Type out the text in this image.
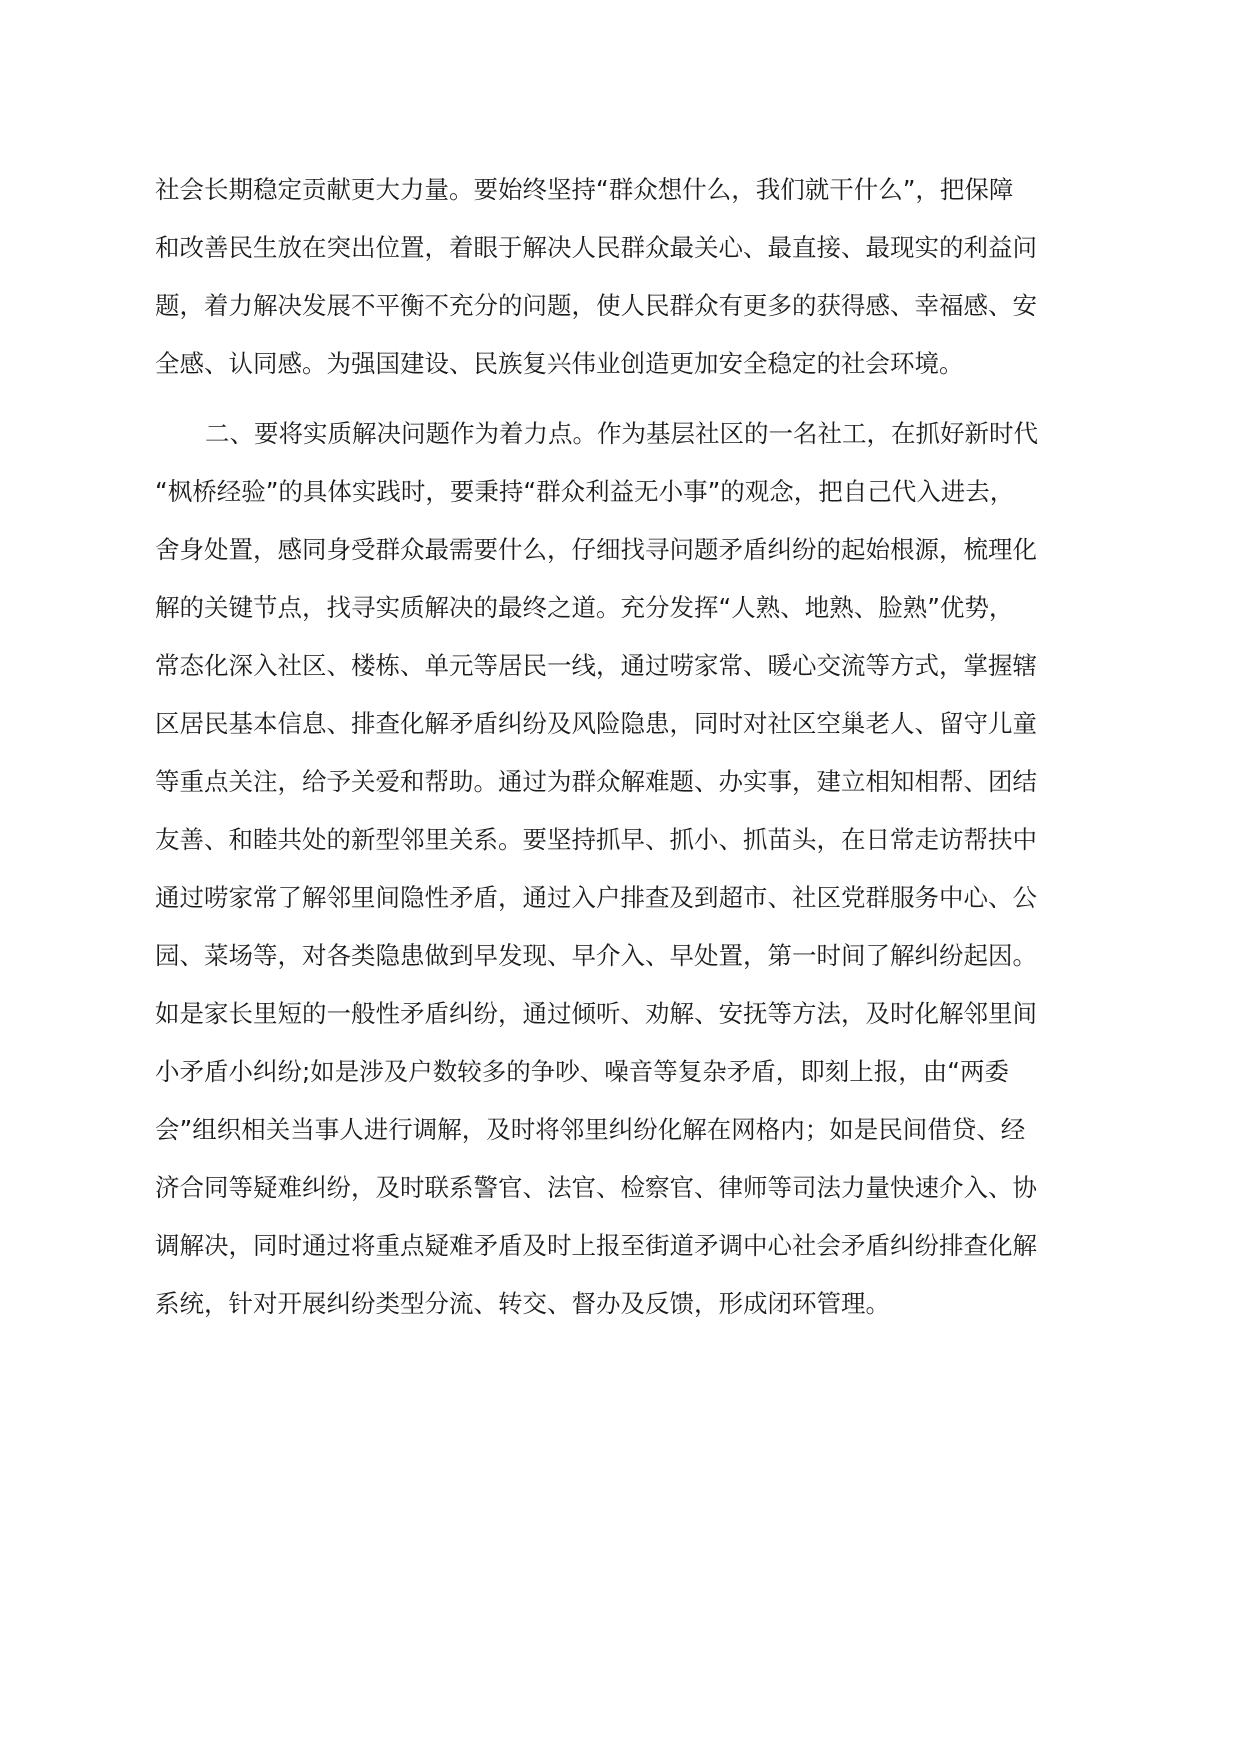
社会长期稳定贡献更大力量。要始终坚持“群众想什么，我们就干什么”，把保障
和改善民生放在突出位置，着眼于解决人民群众最关心、最直接、最现实的利益问
题，着力解决发展不平衡不充分的问题，使人民群众有更多的获得感、幸福感、安
全感、认同感。为强国建设、民族复兴伟业创造更加安全稳定的社会环境。
二、要将实质解决问题作为着力点。作为基层社区的一名社工，在抓好新时代
“枫桥经验”的具体实践时，要秉持“群众利益无小事”的观念，把自己代入进去，
舍身处置，感同身受群众最需要什么，仔细找寻问题矛盾纠纷的起始根源，梳理化
解的关键节点，找寻实质解决的最终之道。充分发挥“人熟、地熟、脸熟”优势，
常态化深入社区、楼栋、单元等居民一线，通过唠家常、暖心交流等方式，掌握辖
区居民基本信息、排查化解矛盾纠纷及风险隐患，同时对社区空巢老人、留守儿童
等重点关注，给予关爱和帮助。通过为群众解难题、办实事，建立相知相帮、团结
友善、和睦共处的新型邻里关系。要坚持抓早、抓小、抓苗头，在日常走访帮扶中
通过唠家常了解邻里间隐性矛盾，通过入户排查及到超市、社区党群服务中心、公
园、菜场等，对各类隐患做到早发现、早介入、早处置，第一时间了解纠纷起因。
如是家长里短的一般性矛盾纠纷，通过倾听、劝解、安抚等方法，及时化解邻里间
小矛盾小纠纷;如是涉及户数较多的争吵、噪音等复杂矛盾，即刻上报，由“两委
会”组织相关当事人进行调解，及时将邻里纠纷化解在网格内；如是民间借贷、经
济合同等疑难纠纷，及时联系警官、法官、检察官、律师等司法力量快速介入、协
调解决，同时通过将重点疑难矛盾及时上报至街道矛调中心社会矛盾纠纷排查化解
系统，针对开展纠纷类型分流、转交、督办及反馈，形成闭环管理。
